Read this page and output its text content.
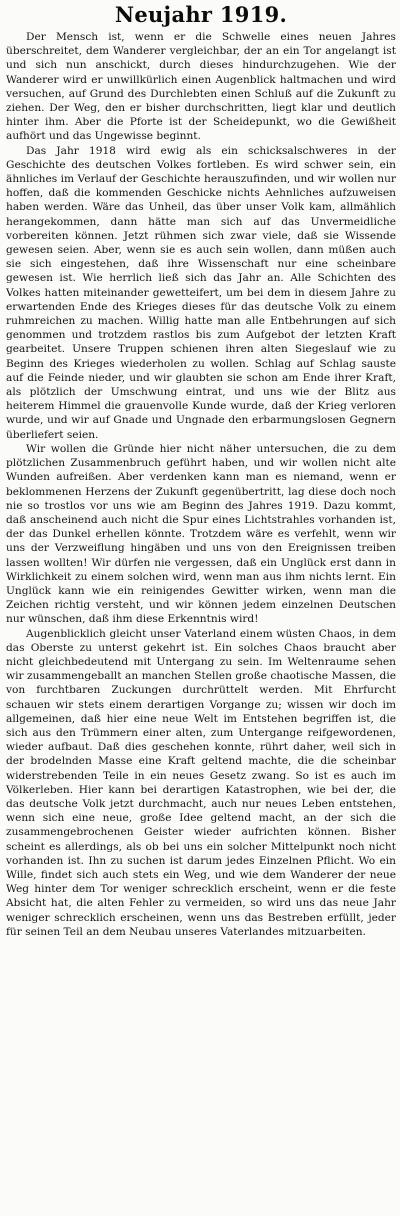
Neujahr 1919.

Der Mensch ist, wenn er die Schwelle eines neuen Jahres überschreitet, dem Wanderer vergleichbar, der an ein Tor angelangt ist und sich nun anschickt, durch dieses hindurchzugehen. Wie der Wanderer wird er unwillkürlich einen Augenblick haltmachen und wird versuchen, auf Grund des Durchlebten einen Schluß auf die Zukunft zu ziehen. Der Weg, den er bisher durchschritten, liegt klar und deutlich hinter ihm. Aber die Pforte ist der Scheidepunkt, wo die Gewißheit aufhört und das Ungewisse beginnt.

Das Jahr 1918 wird ewig als ein schicksalschweres in der Geschichte des deutschen Volkes fortleben. Es wird schwer sein, ein ähnliches im Verlauf der Geschichte herauszufinden, und wir wollen nur hoffen, daß die kommenden Geschicke nichts Aehnliches aufzuweisen haben werden. Wäre das Unheil, das über unser Volk kam, allmählich herangekommen, dann hätte man sich auf das Unvermeidliche vorbereiten können. Jetzt rühmen sich zwar viele, daß sie Wissende gewesen seien. Aber, wenn sie es auch sein wollen, dann müßen auch sie sich eingestehen, daß ihre Wissenschaft nur eine scheinbare gewesen ist. Wie herrlich ließ sich das Jahr an. Alle Schichten des Volkes hatten miteinander gewetteifert, um bei dem in diesem Jahre zu erwartenden Ende des Krieges dieses für das deutsche Volk zu einem ruhmreichen zu machen. Willig hatte man alle Entbehrungen auf sich genommen und trotzdem rastlos bis zum Aufgebot der letzten Kraft gearbeitet. Unsere Truppen schienen ihren alten Siegeslauf wie zu Beginn des Krieges wiederholen zu wollen. Schlag auf Schlag sauste auf die Feinde nieder, und wir glaubten sie schon am Ende ihrer Kraft, als plötzlich der Umschwung eintrat, und uns wie der Blitz aus heiterem Himmel die grauenvolle Kunde wurde, daß der Krieg verloren wurde, und wir auf Gnade und Ungnade den erbarmungslosen Gegnern überliefert seien.

Wir wollen die Gründe hier nicht näher untersuchen, die zu dem plötzlichen Zusammenbruch geführt haben, und wir wollen nicht alte Wunden aufreißen. Aber verdenken kann man es niemand, wenn er beklommenen Herzens der Zukunft gegenübertritt, lag diese doch noch nie so trostlos vor uns wie am Beginn des Jahres 1919. Dazu kommt, daß anscheinend auch nicht die Spur eines Lichtstrahles vorhanden ist, der das Dunkel erhellen könnte. Trotzdem wäre es verfehlt, wenn wir uns der Verzweiflung hingäben und uns von den Ereignissen treiben lassen wollten! Wir dürfen nie vergessen, daß ein Unglück erst dann in Wirklichkeit zu einem solchen wird, wenn man aus ihm nichts lernt. Ein Unglück kann wie ein reinigendes Gewitter wirken, wenn man die Zeichen richtig versteht, und wir können jedem einzelnen Deutschen nur wünschen, daß ihm diese Erkenntnis wird!

Augenblicklich gleicht unser Vaterland einem wüsten Chaos, in dem das Oberste zu unterst gekehrt ist. Ein solches Chaos braucht aber nicht gleichbedeutend mit Untergang zu sein. Im Weltenraume sehen wir zusammengeballt an manchen Stellen große chaotische Massen, die von furchtbaren Zuckungen durchrüttelt werden. Mit Ehrfurcht schauen wir stets einem derartigen Vorgange zu; wissen wir doch im allgemeinen, daß hier eine neue Welt im Entstehen begriffen ist, die sich aus den Trümmern einer alten, zum Untergange reifgewordenen, wieder aufbaut. Daß dies geschehen konnte, rührt daher, weil sich in der brodelnden Masse eine Kraft geltend machte, die die scheinbar widerstrebenden Teile in ein neues Gesetz zwang. So ist es auch im Völkerleben. Hier kann bei derartigen Katastrophen, wie bei der, die das deutsche Volk jetzt durchmacht, auch nur neues Leben entstehen, wenn sich eine neue, große Idee geltend macht, an der sich die zusammengebrochenen Geister wieder aufrichten können. Bisher scheint es allerdings, als ob bei uns ein solcher Mittelpunkt noch nicht vorhanden ist. Ihn zu suchen ist darum jedes Einzelnen Pflicht. Wo ein Wille, findet sich auch stets ein Weg, und wie dem Wanderer der neue Weg hinter dem Tor weniger schrecklich erscheint, wenn er die feste Absicht hat, die alten Fehler zu vermeiden, so wird uns das neue Jahr weniger schrecklich erscheinen, wenn uns das Bestreben erfüllt, jeder für seinen Teil an dem Neubau unseres Vaterlandes mitzuarbeiten.
